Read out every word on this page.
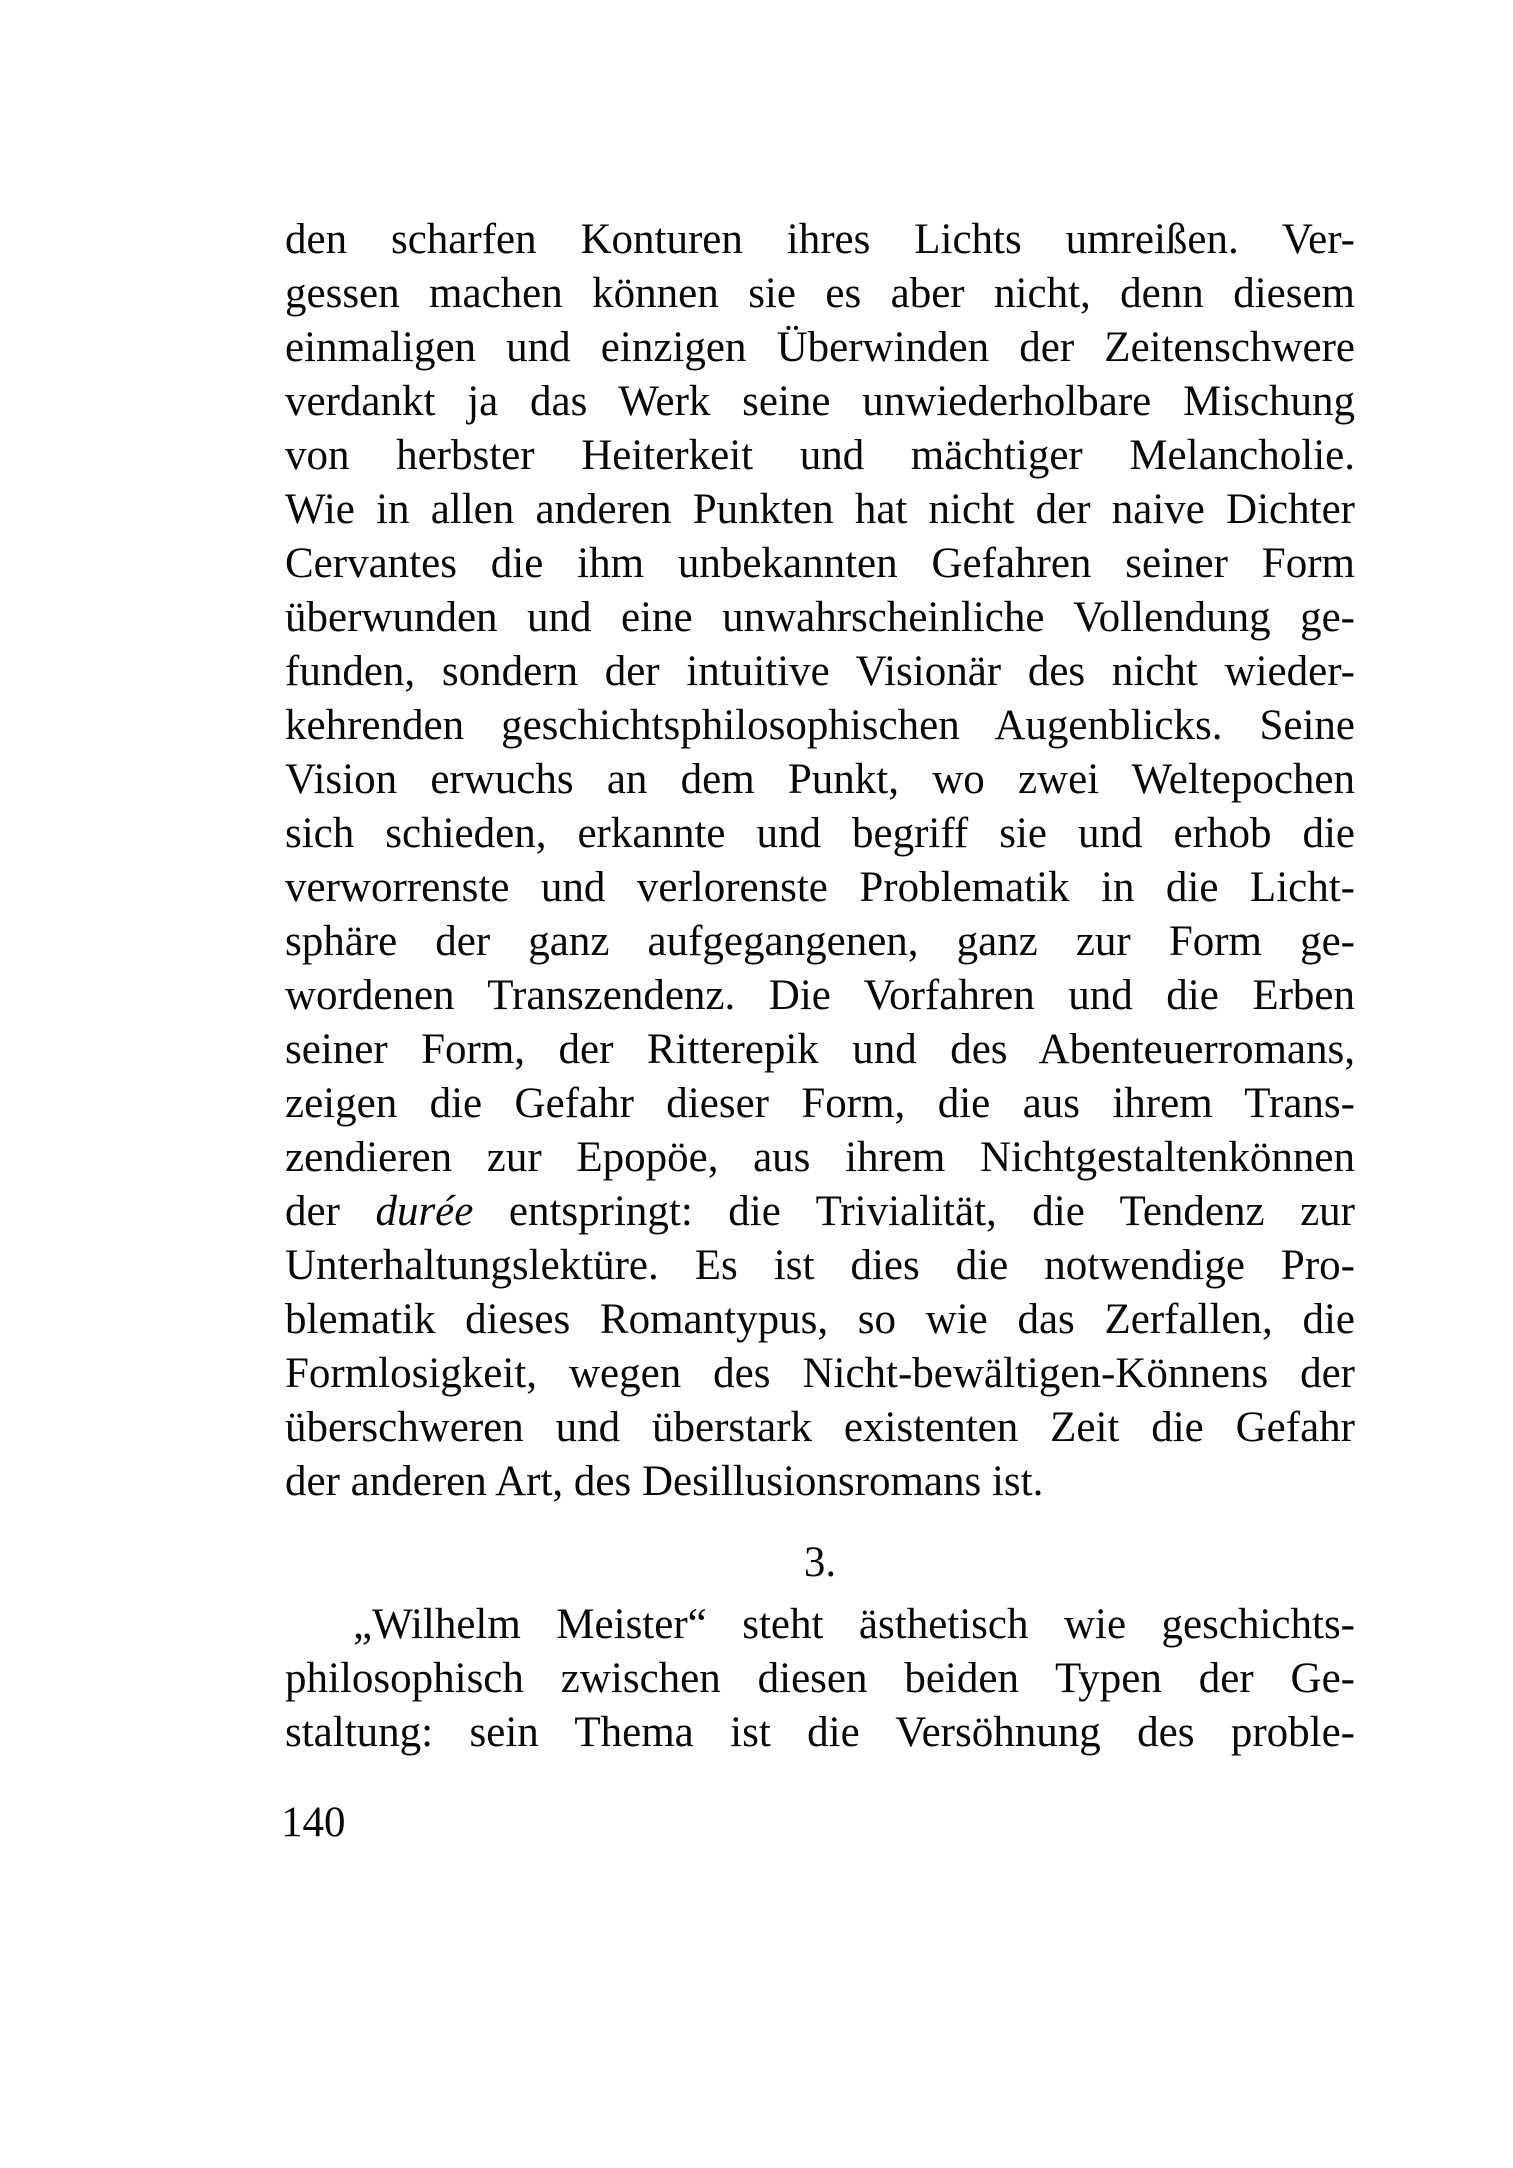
den scharfen Konturen ihres Lichts umreißen. Ver-
gessen machen können sie es aber nicht, denn diesem
einmaligen und einzigen Überwinden der Zeitenschwere
verdankt ja das Werk seine unwiederholbare Mischung
von herbster Heiterkeit und mächtiger Melancholie.
Wie in allen anderen Punkten hat nicht der naive Dichter
Cervantes die ihm unbekannten Gefahren seiner Form
überwunden und eine unwahrscheinliche Vollendung ge-
funden, sondern der intuitive Visionär des nicht wieder-
kehrenden geschichtsphilosophischen Augenblicks. Seine
Vision erwuchs an dem Punkt, wo zwei Weltepochen
sich schieden, erkannte und begriff sie und erhob die
verworrenste und verlorenste Problematik in die Licht-
sphäre der ganz aufgegangenen, ganz zur Form ge-
wordenen Transzendenz. Die Vorfahren und die Erben
seiner Form, der Ritterepik und des Abenteuerromans,
zeigen die Gefahr dieser Form, die aus ihrem Trans-
zendieren zur Epopöe, aus ihrem Nichtgestaltenkönnen
der durée entspringt: die Trivialität, die Tendenz zur
Unterhaltungslektüre. Es ist dies die notwendige Pro-
blematik dieses Romantypus, so wie das Zerfallen, die
Formlosigkeit, wegen des Nicht-bewältigen-Könnens der
überschweren und überstark existenten Zeit die Gefahr
der anderen Art, des Desillusionsromans ist.
3.
„Wilhelm Meister“ steht ästhetisch wie geschichts-
philosophisch zwischen diesen beiden Typen der Ge-
staltung: sein Thema ist die Versöhnung des proble-
140
